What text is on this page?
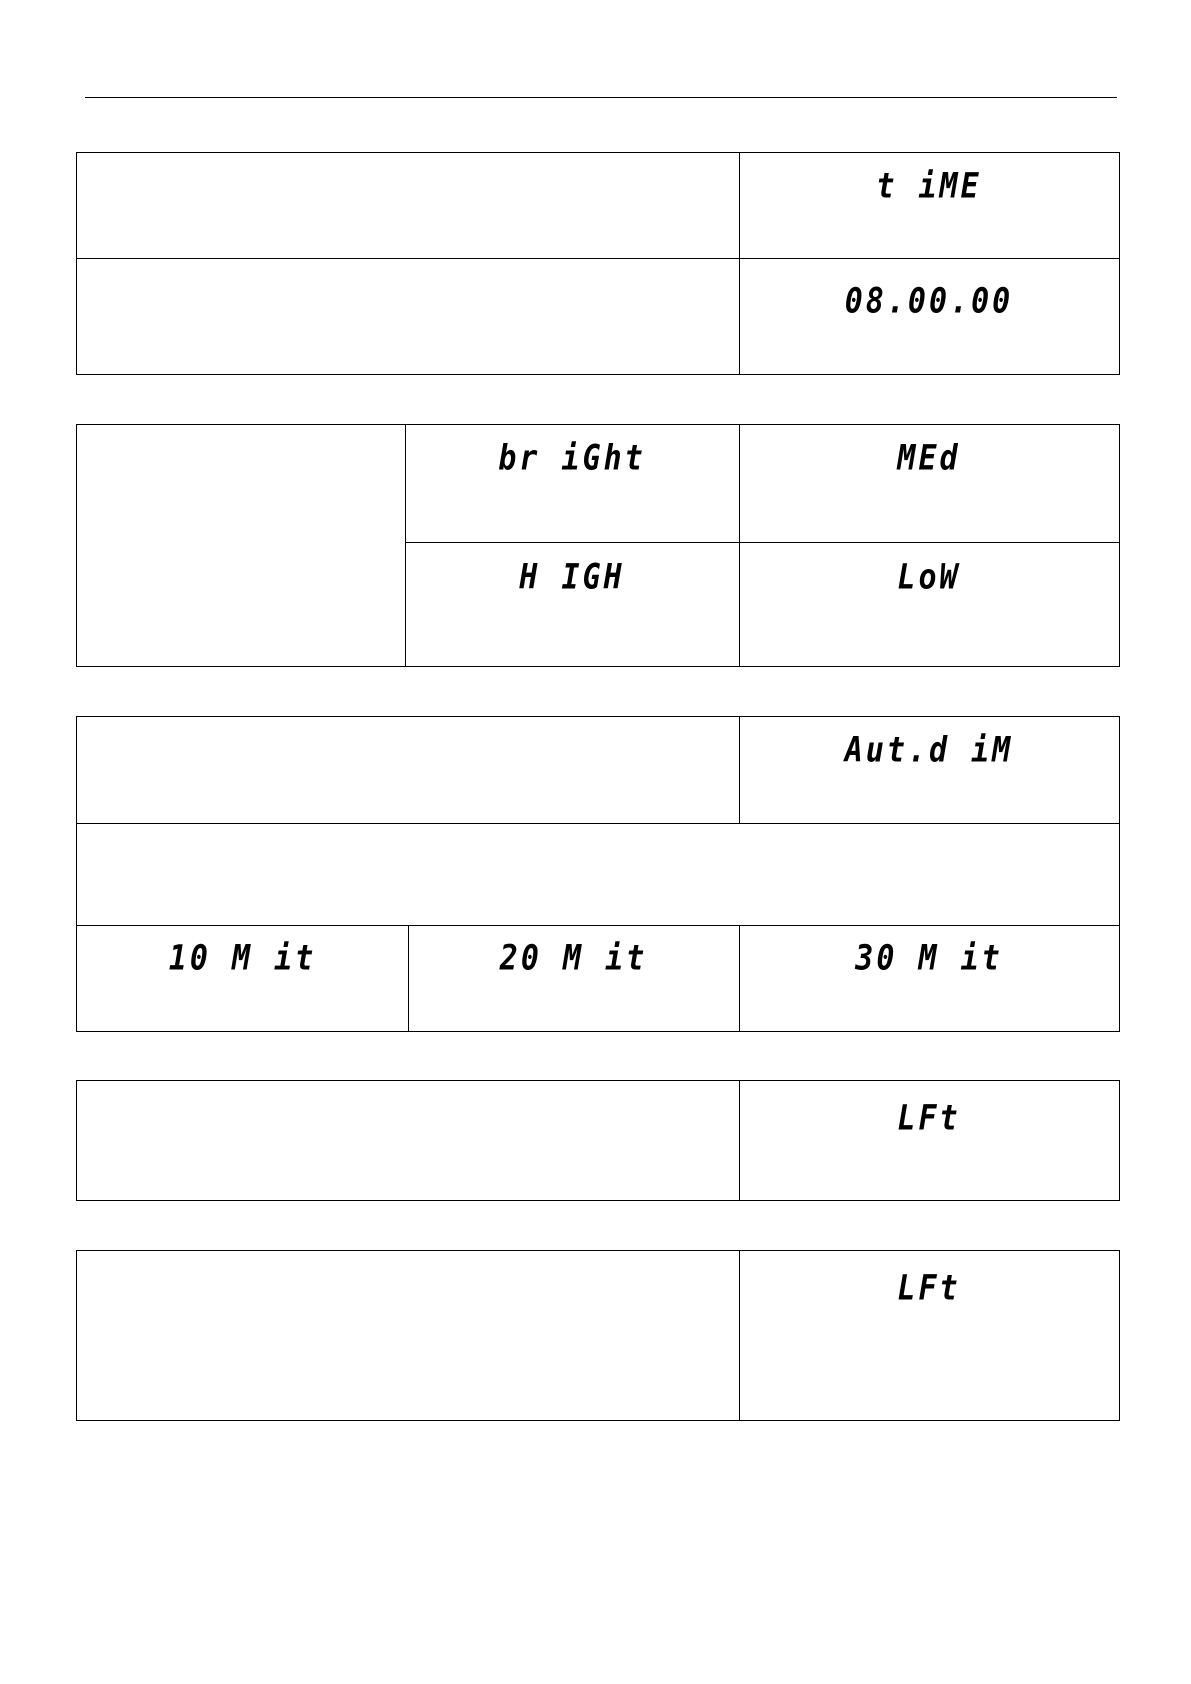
t iME
08.00.00
br iGht	MEd
H IGH	LoW
Aut.d iM
10 M it	20 M it	30 M it
LFt
LFt
